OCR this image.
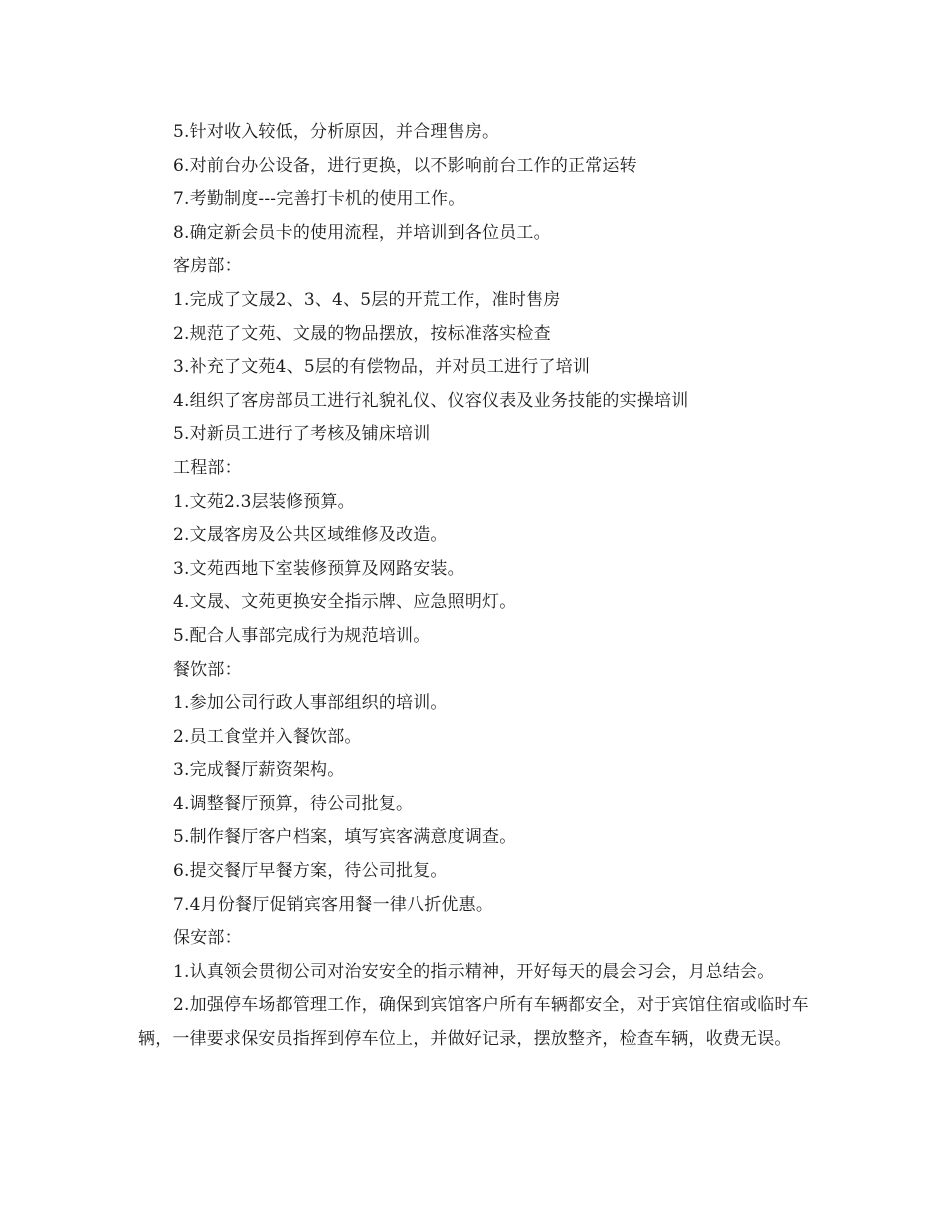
5.针对收入较低，分析原因，并合理售房。

6.对前台办公设备，进行更换，以不影响前台工作的正常运转

7.考勤制度---完善打卡机的使用工作。

8.确定新会员卡的使用流程，并培训到各位员工。

客房部：

1.完成了文晟2、3、4、5层的开荒工作，准时售房

2.规范了文苑、文晟的物品摆放，按标准落实检查

3.补充了文苑4、5层的有偿物品，并对员工进行了培训

4.组织了客房部员工进行礼貌礼仪、仪容仪表及业务技能的实操培训

5.对新员工进行了考核及铺床培训

工程部：

1.文苑2.3层装修预算。

2.文晟客房及公共区域维修及改造。

3.文苑西地下室装修预算及网路安装。

4.文晟、文苑更换安全指示牌、应急照明灯。

5.配合人事部完成行为规范培训。

餐饮部：

1.参加公司行政人事部组织的培训。

2.员工食堂并入餐饮部。

3.完成餐厅薪资架构。

4.调整餐厅预算，待公司批复。

5.制作餐厅客户档案，填写宾客满意度调查。

6.提交餐厅早餐方案，待公司批复。

7.4月份餐厅促销宾客用餐一律八折优惠。

保安部：

1.认真领会贯彻公司对治安安全的指示精神，开好每天的晨会习会，月总结会。

2.加强停车场都管理工作，确保到宾馆客户所有车辆都安全，对于宾馆住宿或临时车辆，一律要求保安员指挥到停车位上，并做好记录，摆放整齐，检查车辆，收费无误。
